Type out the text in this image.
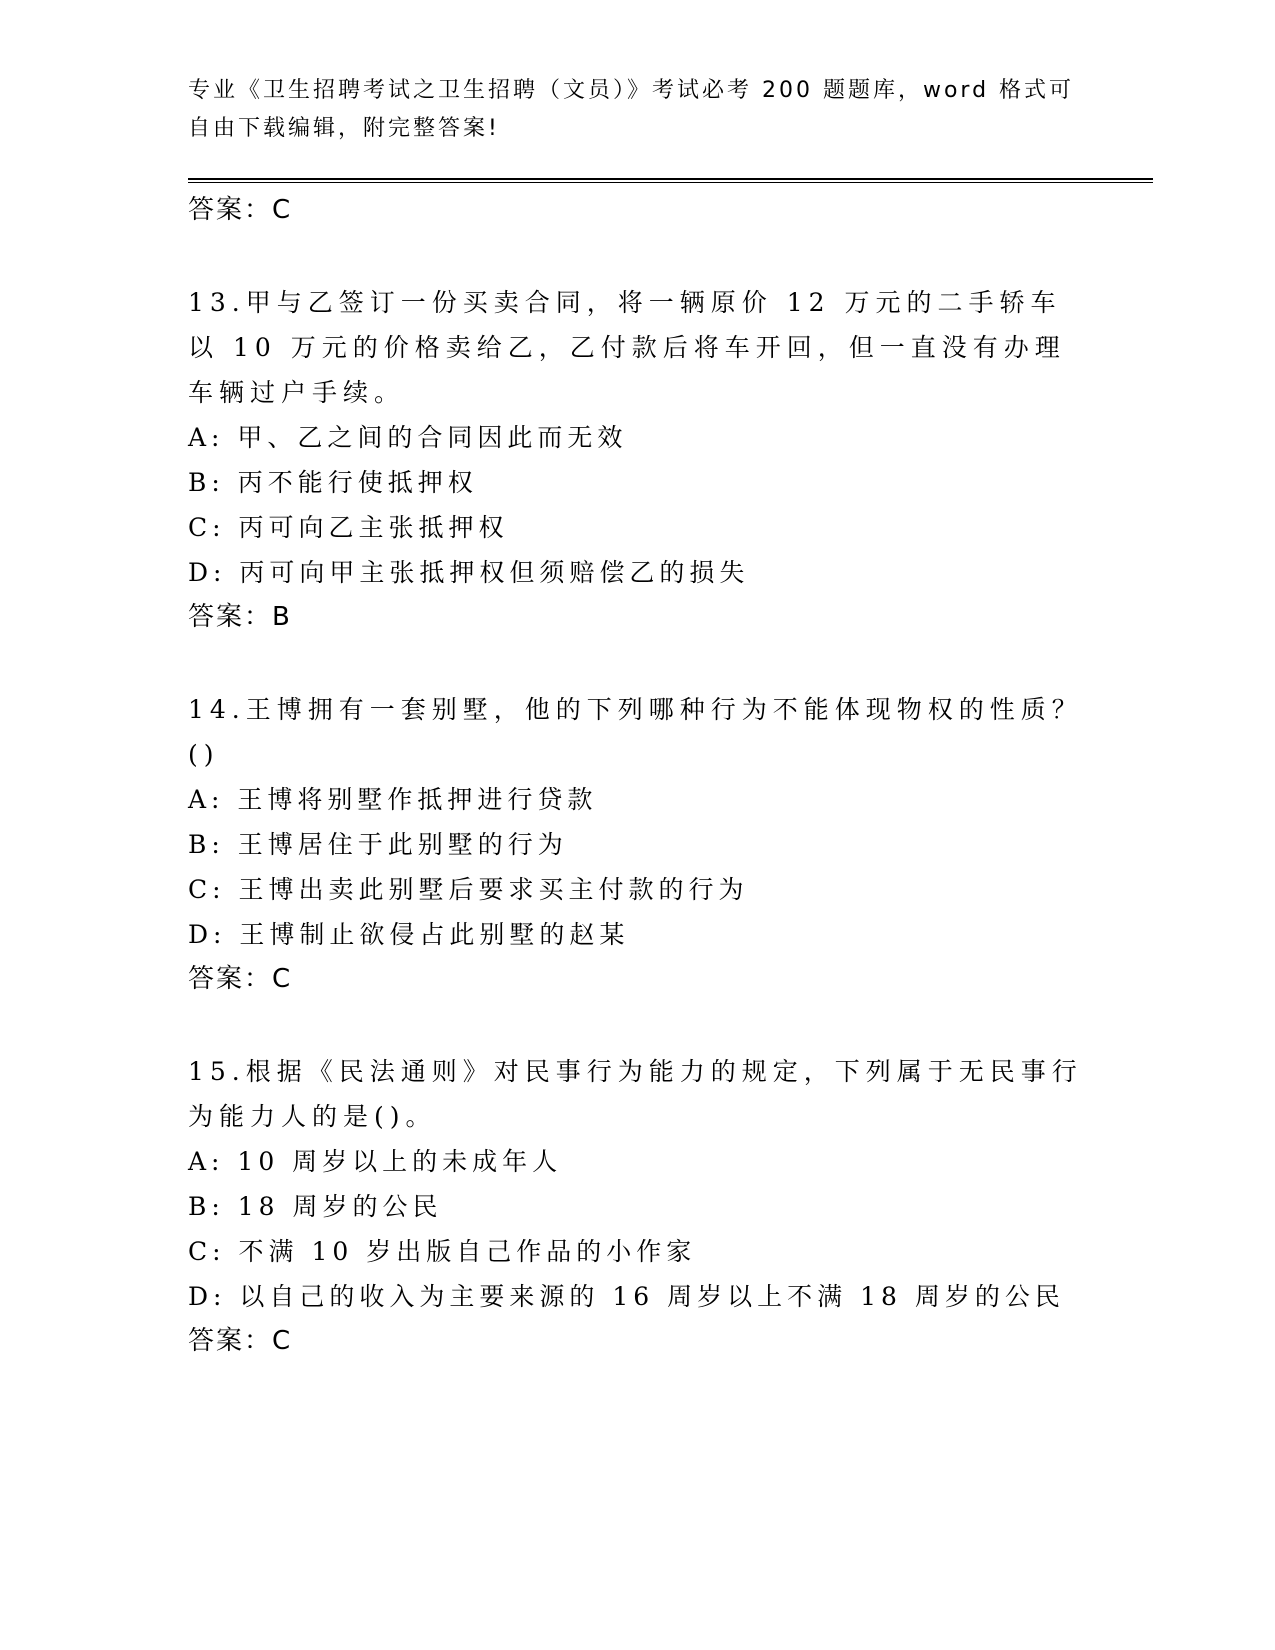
专业《卫生招聘考试之卫生招聘（文员）》考试必考 200 题题库，word 格式可自由下载编辑，附完整答案!
答案：C
13.甲与乙签订一份买卖合同，将一辆原价 12 万元的二手轿车以 10 万元的价格卖给乙，乙付款后将车开回，但一直没有办理车辆过户手续。
A: 甲、乙之间的合同因此而无效
B: 丙不能行使抵押权
C: 丙可向乙主张抵押权
D: 丙可向甲主张抵押权但须赔偿乙的损失
答案：B
14.王博拥有一套别墅，他的下列哪种行为不能体现物权的性质？()
A: 王博将别墅作抵押进行贷款
B: 王博居住于此别墅的行为
C: 王博出卖此别墅后要求买主付款的行为
D: 王博制止欲侵占此别墅的赵某
答案：C
15.根据《民法通则》对民事行为能力的规定，下列属于无民事行为能力人的是()。
A: 10 周岁以上的未成年人
B: 18 周岁的公民
C: 不满 10 岁出版自己作品的小作家
D: 以自己的收入为主要来源的 16 周岁以上不满 18 周岁的公民
答案：C
